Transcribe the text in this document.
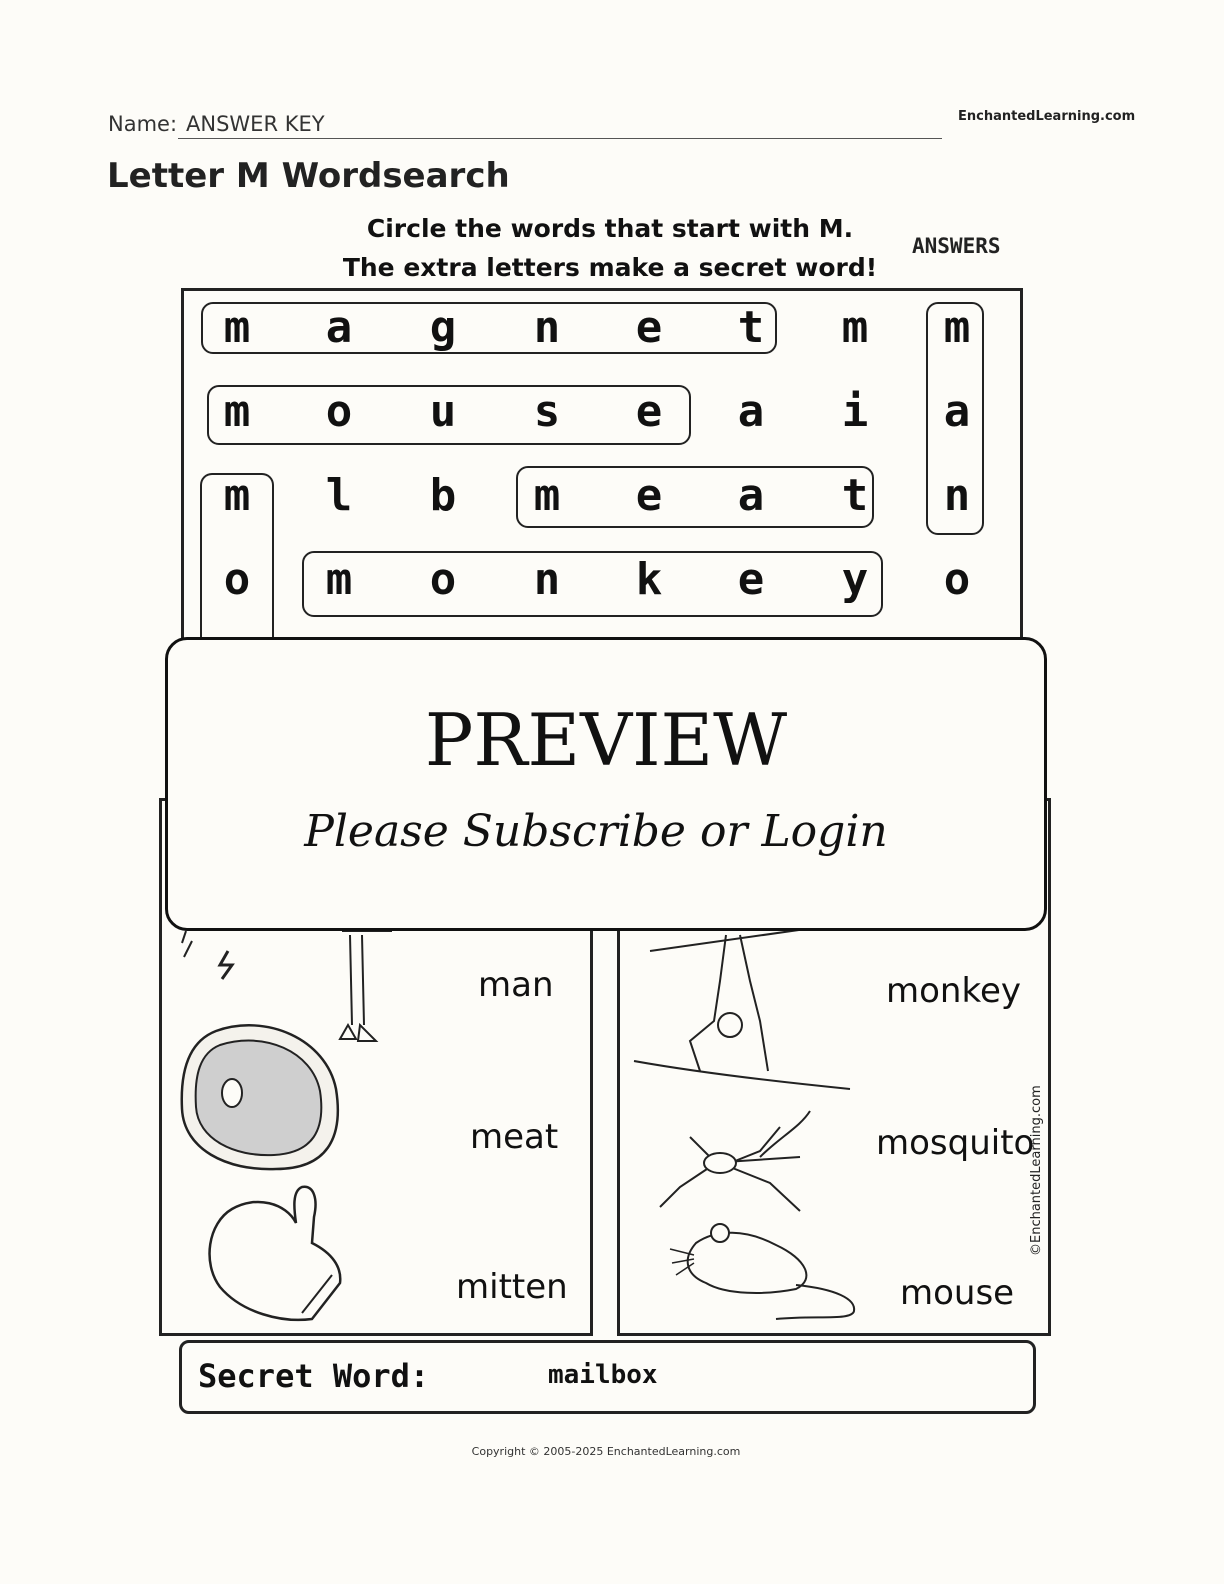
Name: ANSWER KEY	EnchantedLearning.com
Letter M Wordsearch
Circle the words that start with M.
The extra letters make a secret word!
ANSWERS
m	a	g	n	e	t	m	m
m	o	u	s	e	a	i	a
m	l	b	m	e	a	t	n
o	m	o	n	k	e	y	o
man
meat
mitten
monkey
mosquito
mouse
©EnchantedLearning.com
Secret Word:	mailbox
PREVIEW
Please Subscribe or Login
Copyright © 2005-2025 EnchantedLearning.com
